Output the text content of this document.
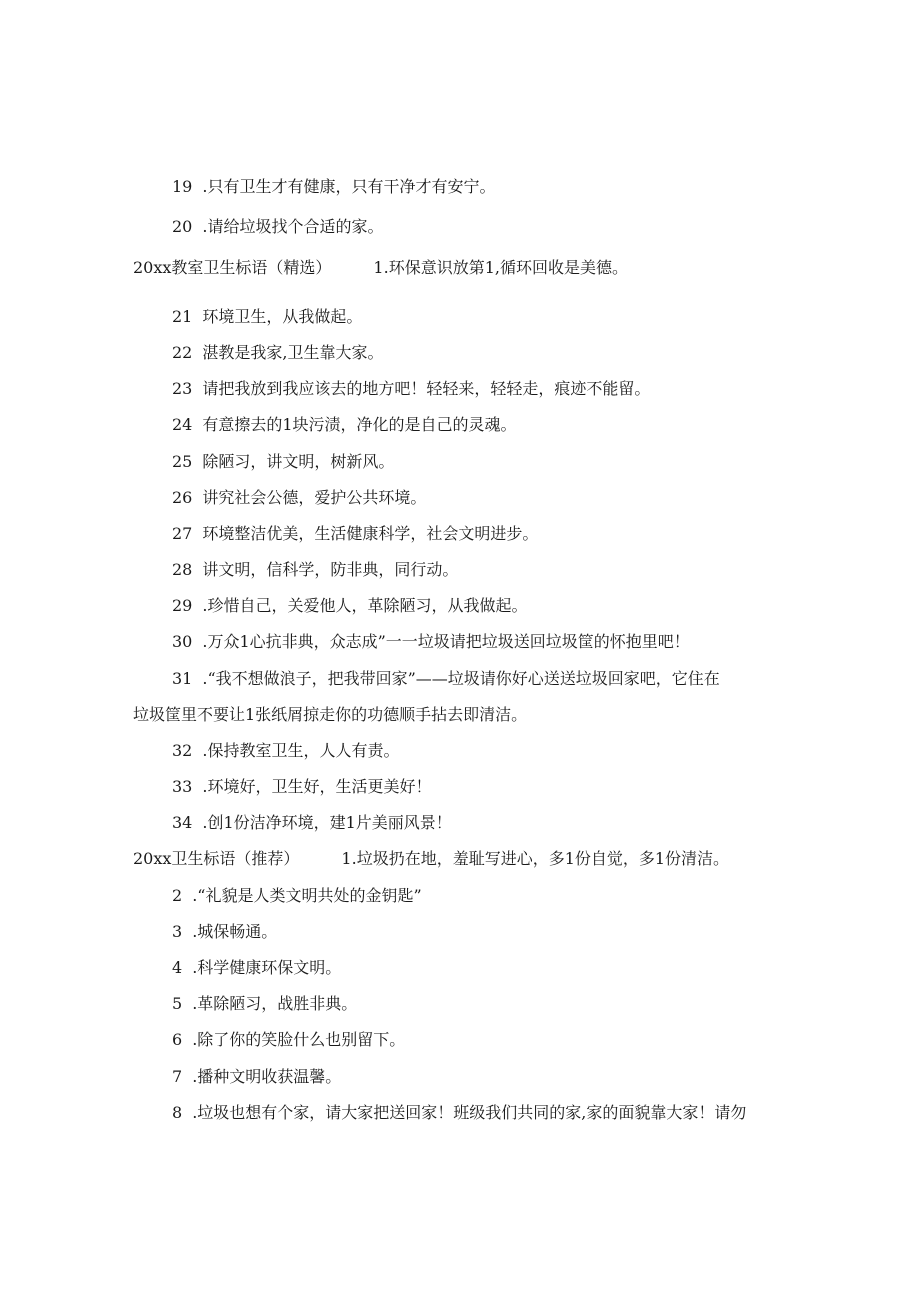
19 .只有卫生才有健康，只有干净才有安宁。
20 .请给垃圾找个合适的家。
20xx教室卫生标语（精选）	1.环保意识放第1,循环回收是美德。
21 环境卫生，从我做起。
22 湛教是我家,卫生靠大家。
23 请把我放到我应该去的地方吧！轻轻来，轻轻走，痕迹不能留。
24 有意擦去的1块污渍，净化的是自己的灵魂。
25 除陋习，讲文明，树新风。
26 讲究社会公德，爱护公共环境。
27 环境整洁优美，生活健康科学，社会文明进步。
28 讲文明，信科学，防非典，同行动。
29 .珍惜自己，关爱他人，革除陋习，从我做起。
30 .万众1心抗非典，众志成”一一垃圾请把垃圾送回垃圾筐的怀抱里吧！
31 .“我不想做浪子，把我带回家”——垃圾请你好心送送垃圾回家吧，它住在
垃圾筐里不要让1张纸屑掠走你的功德顺手拈去即清洁。
32 .保持教室卫生，人人有责。
33 .环境好，卫生好，生活更美好！
34 .创1份洁净环境，建1片美丽风景！
20xx卫生标语（推荐）	1.垃圾扔在地，羞耻写进心，多1份自觉，多1份清洁。
2 .“礼貌是人类文明共处的金钥匙”
3 .城保畅通。
4 .科学健康环保文明。
5 .革除陋习，战胜非典。
6 .除了你的笑脸什么也别留下。
7 .播种文明收获温馨。
8 .垃圾也想有个家，请大家把送回家！班级我们共同的家,家的面貌靠大家！请勿
